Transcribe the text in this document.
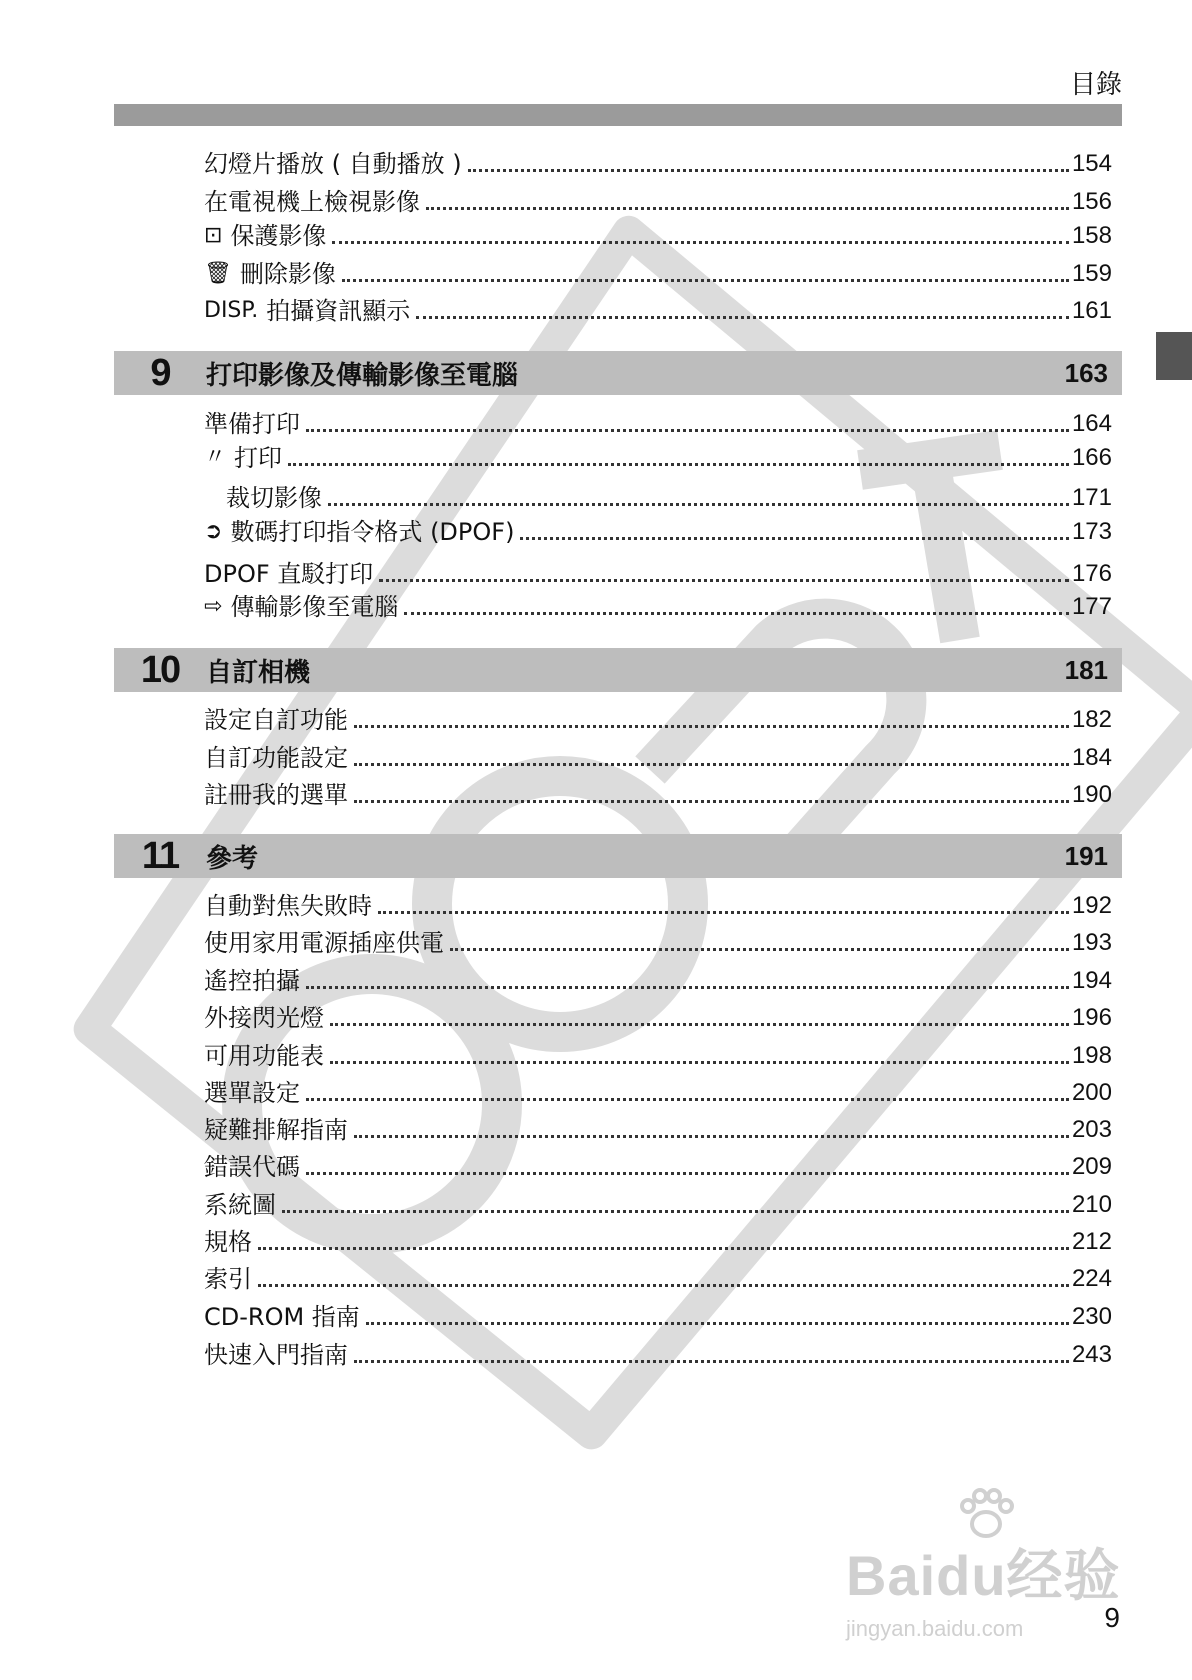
目錄
幻燈片播放 ( 自動播放 )	154
在電視機上檢視影像	156
⊡ 保護影像	158
🗑 刪除影像	159
DISP. 拍攝資訊顯示	161
9	打印影像及傳輸影像至電腦	163
準備打印	164
〃 打印	166
裁切影像	171
➲ 數碼打印指令格式 (DPOF)	173
DPOF 直駁打印	176
⇨ 傳輸影像至電腦	177
10	自訂相機	181
設定自訂功能	182
自訂功能設定	184
註冊我的選單	190
11	參考	191
自動對焦失敗時	192
使用家用電源插座供電	193
遙控拍攝	194
外接閃光燈	196
可用功能表	198
選單設定	200
疑難排解指南	203
錯誤代碼	209
系統圖	210
規格	212
索引	224
CD-ROM 指南	230
快速入門指南	243
Baidu经验
jingyan.baidu.com	9
